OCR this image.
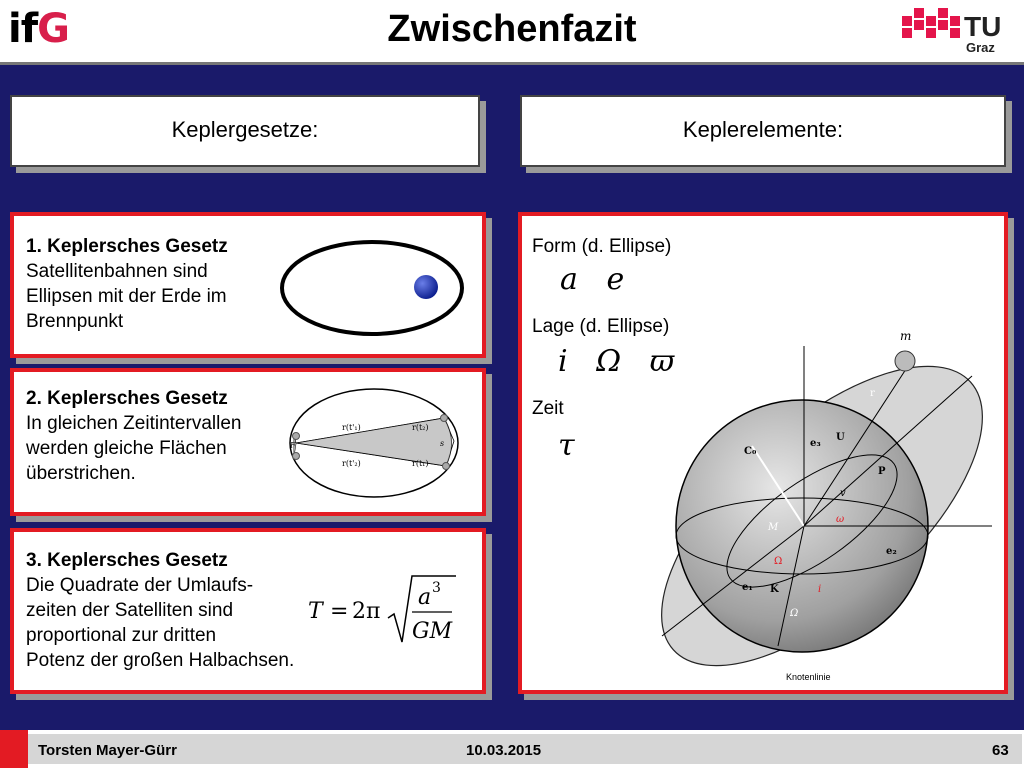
ifG	Zwischenfazit	TU
Graz
Keplergesetze:	Keplerelemente:
1. Keplersches Gesetz
Satellitenbahnen sind
Ellipsen mit der Erde im
Brennpunkt
2. Keplersches Gesetz
In gleichen Zeitintervallen
werden gleiche Flächen
überstrichen.
F	s
r(t'₁)	r(t₂)
r(t'₂)	r(t₁)
3. Keplersches Gesetz
Die Quadrate der Umlaufs-
zeiten der Satelliten sind
proportional zur dritten
Potenz der großen Halbachsen.
T = 2π
a 3
GM
Form (d. Ellipse)
a   e
Lage (d. Ellipse)
i   Ω   ϖ
Zeit
τ
m
r
C₀
e₃
U
P
v
ω
M
e₂
Ω
e₁ K	i
Ω
Knotenlinie
Torsten Mayer-Gürr	10.03.2015	63
